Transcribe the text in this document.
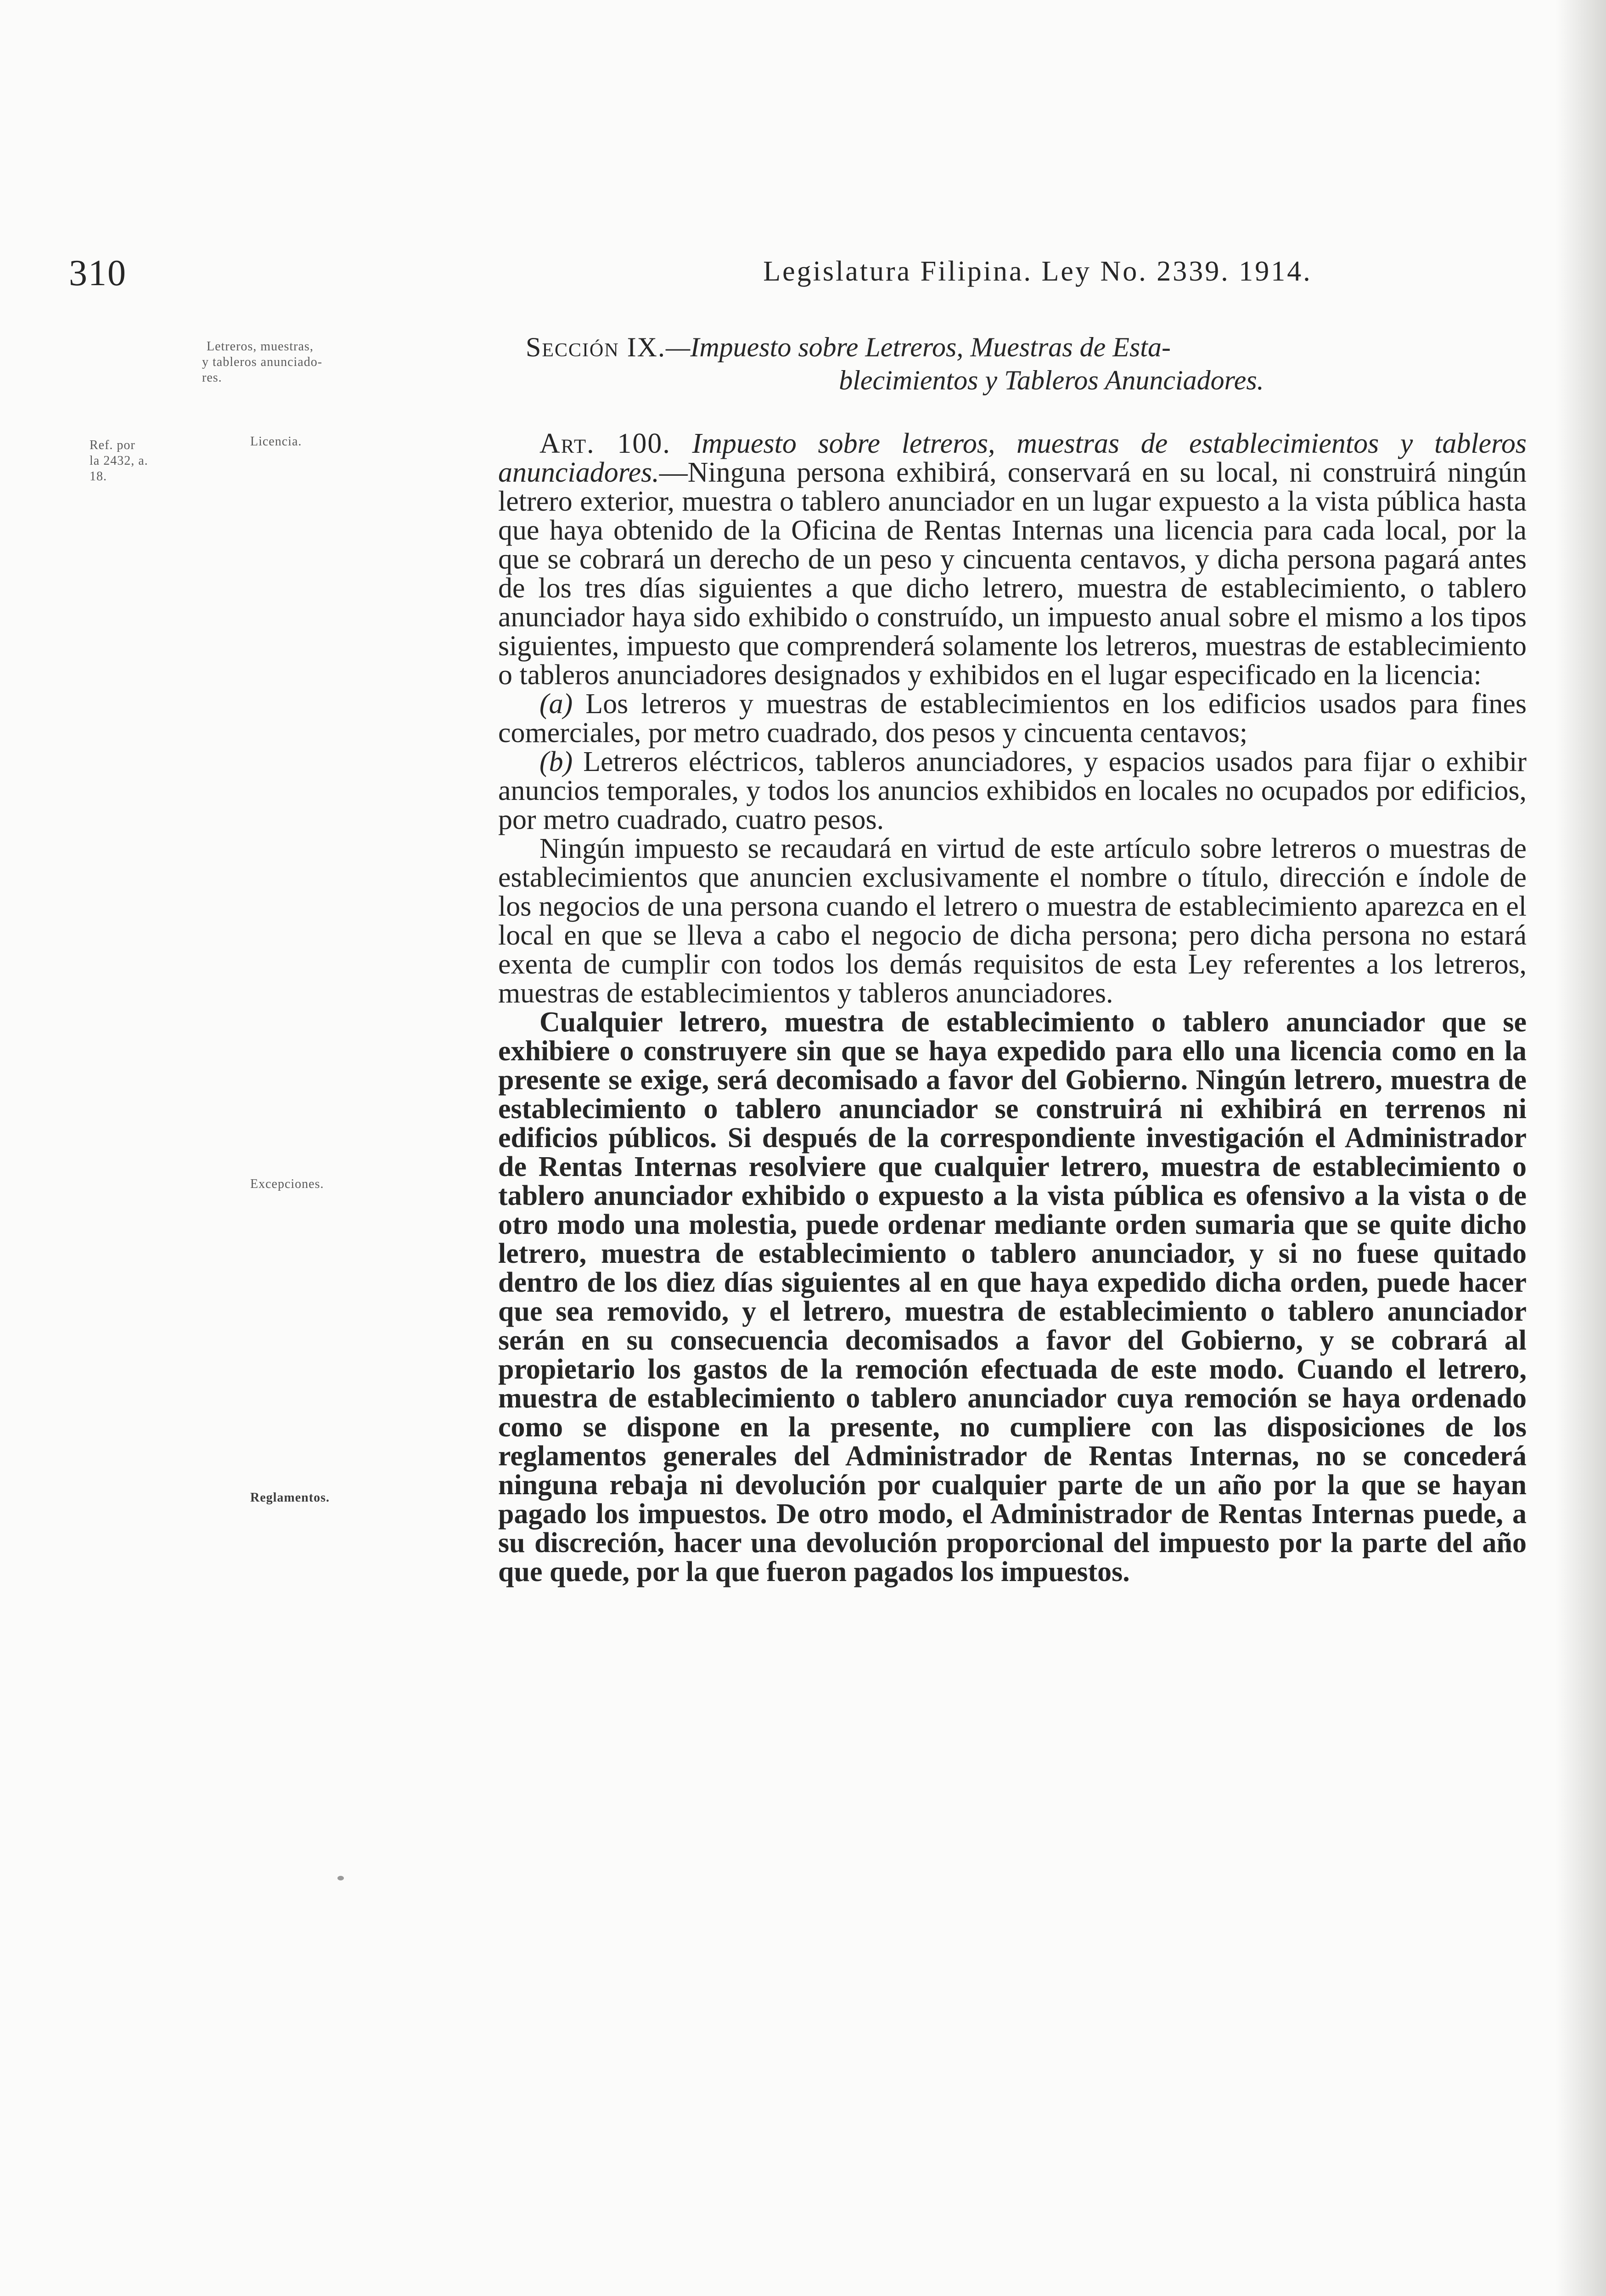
310	Legislatura Filipina. Ley No. 2339. 1914.
Letreros, muestras,
y tableros anunciado-
res.
Ref. por
la 2432, a.
18.
Licencia.
Excepciones.
Reglamentos.
Sección IX.—Impuesto sobre Letreros, Muestras de Esta-
blecimientos y Tableros Anunciadores.

Art. 100. Impuesto sobre letreros, muestras de establecimientos y tableros anunciadores.—Ninguna persona exhibirá, conservará en su local, ni construirá ningún letrero exterior, muestra o tablero anunciador en un lugar expuesto a la vista pública hasta que haya obtenido de la Oficina de Rentas Internas una licencia para cada local, por la que se cobrará un derecho de un peso y cincuenta centavos, y dicha persona pagará antes de los tres días siguientes a que dicho letrero, muestra de establecimiento, o tablero anunciador haya sido exhibido o construído, un impuesto anual sobre el mismo a los tipos siguientes, impuesto que comprenderá solamente los letreros, muestras de establecimiento o tableros anunciadores designados y exhibidos en el lugar especificado en la licencia:

(a) Los letreros y muestras de establecimientos en los edificios usados para fines comerciales, por metro cuadrado, dos pesos y cincuenta centavos;

(b) Letreros eléctricos, tableros anunciadores, y espacios usados para fijar o exhibir anuncios temporales, y todos los anuncios exhibidos en locales no ocupados por edificios, por metro cuadrado, cuatro pesos.

Ningún impuesto se recaudará en virtud de este artículo sobre letreros o muestras de establecimientos que anuncien exclusivamente el nombre o título, dirección e índole de los negocios de una persona cuando el letrero o muestra de establecimiento aparezca en el local en que se lleva a cabo el negocio de dicha persona; pero dicha persona no estará exenta de cumplir con todos los demás requisitos de esta Ley referentes a los letreros, muestras de establecimientos y tableros anunciadores.

Cualquier letrero, muestra de establecimiento o tablero anunciador que se exhibiere o construyere sin que se haya expedido para ello una licencia como en la presente se exige, será decomisado a favor del Gobierno. Ningún letrero, muestra de establecimiento o tablero anunciador se construirá ni exhibirá en terrenos ni edificios públicos. Si después de la correspondiente investigación el Administrador de Rentas Internas resolviere que cualquier letrero, muestra de establecimiento o tablero anunciador exhibido o expuesto a la vista pública es ofensivo a la vista o de otro modo una molestia, puede ordenar mediante orden sumaria que se quite dicho letrero, muestra de establecimiento o tablero anunciador, y si no fuese quitado dentro de los diez días siguientes al en que haya expedido dicha orden, puede hacer que sea removido, y el letrero, muestra de establecimiento o tablero anunciador serán en su consecuencia decomisados a favor del Gobierno, y se cobrará al propietario los gastos de la remoción efectuada de este modo. Cuando el letrero, muestra de establecimiento o tablero anunciador cuya remoción se haya ordenado como se dispone en la presente, no cumpliere con las disposiciones de los reglamentos generales del Administrador de Rentas Internas, no se concederá ninguna rebaja ni devolución por cualquier parte de un año por la que se hayan pagado los impuestos. De otro modo, el Administrador de Rentas Internas puede, a su discreción, hacer una devolución proporcional del impuesto por la parte del año que quede, por la que fueron pagados los impuestos.
